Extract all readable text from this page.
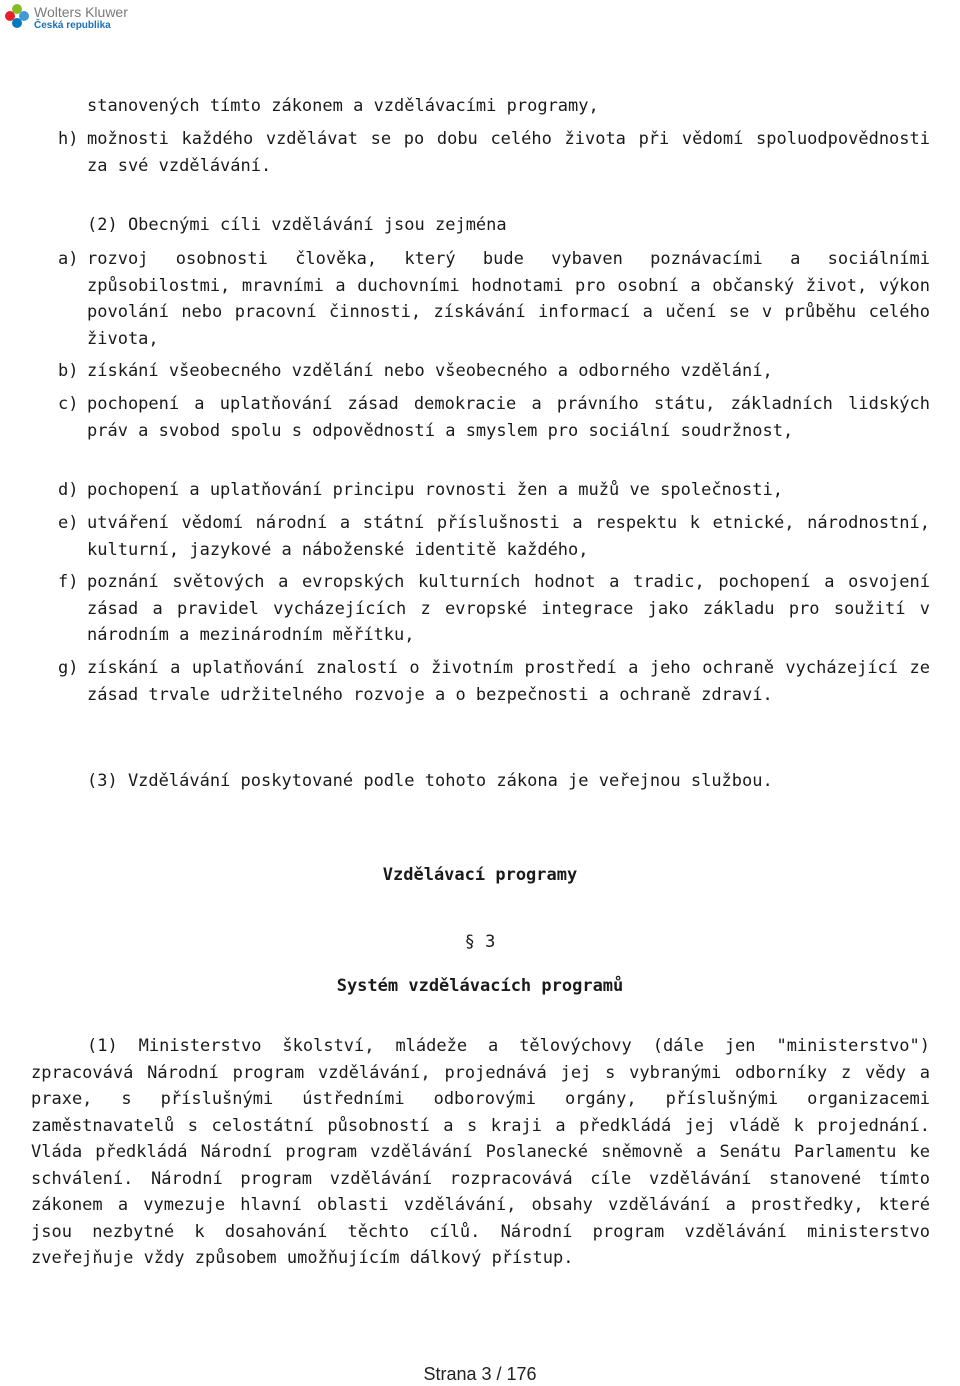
Wolters Kluwer
Česká republika
stanovených tímto zákonem a vzdělávacími programy,
h) možnosti každého vzdělávat se po dobu celého života při vědomí spoluodpovědnosti za své vzdělávání.
(2) Obecnými cíli vzdělávání jsou zejména
a) rozvoj osobnosti člověka, který bude vybaven poznávacími a sociálními způsobilostmi, mravními a duchovními hodnotami pro osobní a občanský život, výkon povolání nebo pracovní činnosti, získávání informací a učení se v průběhu celého života,
b) získání všeobecného vzdělání nebo všeobecného a odborného vzdělání,
c) pochopení a uplatňování zásad demokracie a právního státu, základních lidských práv a svobod spolu s odpovědností a smyslem pro sociální soudržnost,
d) pochopení a uplatňování principu rovnosti žen a mužů ve společnosti,
e) utváření vědomí národní a státní příslušnosti a respektu k etnické, národnostní, kulturní, jazykové a náboženské identitě každého,
f) poznání světových a evropských kulturních hodnot a tradic, pochopení a osvojení zásad a pravidel vycházejících z evropské integrace jako základu pro soužití v národním a mezinárodním měřítku,
g) získání a uplatňování znalostí o životním prostředí a jeho ochraně vycházející ze zásad trvale udržitelného rozvoje a o bezpečnosti a ochraně zdraví.
(3) Vzdělávání poskytované podle tohoto zákona je veřejnou službou.
Vzdělávací programy
§ 3
Systém vzdělávacích programů
(1) Ministerstvo školství, mládeže a tělovýchovy (dále jen "ministerstvo") zpracovává Národní program vzdělávání, projednává jej s vybranými odborníky z vědy a praxe, s příslušnými ústředními odborovými orgány, příslušnými organizacemi zaměstnavatelů s celostátní působností a s kraji a předkládá jej vládě k projednání. Vláda předkládá Národní program vzdělávání Poslanecké sněmovně a Senátu Parlamentu ke schválení. Národní program vzdělávání rozpracovává cíle vzdělávání stanovené tímto zákonem a vymezuje hlavní oblasti vzdělávání, obsahy vzdělávání a prostředky, které jsou nezbytné k dosahování těchto cílů. Národní program vzdělávání ministerstvo zveřejňuje vždy způsobem umožňujícím dálkový přístup.
Strana 3 / 176
